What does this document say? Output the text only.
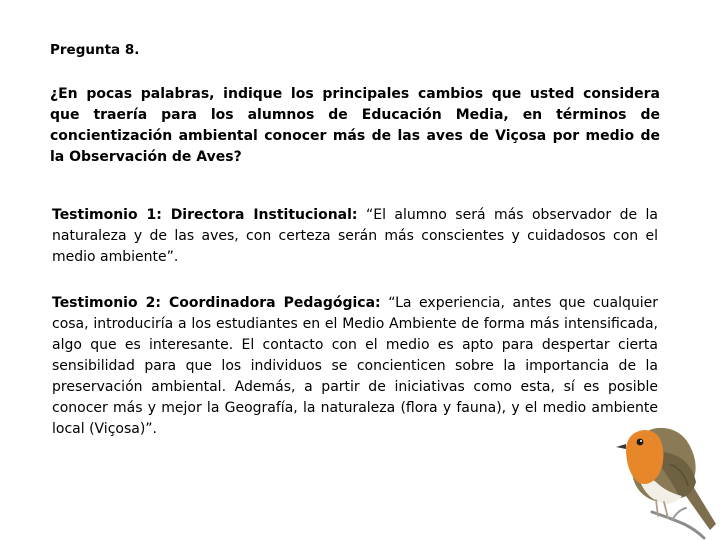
Pregunta 8.
¿En pocas palabras, indique los principales cambios que usted considera que traería para los alumnos de Educación Media, en términos de concientización ambiental conocer más de las aves de Viçosa por medio de la Observación de Aves?
Testimonio 1: Directora Institucional: “El alumno será más observador de la naturaleza y de las aves, con certeza serán más conscientes y cuidadosos con el medio ambiente”.
Testimonio 2: Coordinadora Pedagógica: “La experiencia, antes que cualquier cosa, introduciría a los estudiantes en el Medio Ambiente de forma más intensificada, algo que es interesante. El contacto con el medio es apto para despertar cierta sensibilidad para que los individuos se concienticen sobre la importancia de la preservación ambiental. Además, a partir de iniciativas como esta, sí es posible conocer más y mejor la Geografía, la naturaleza (flora y fauna), y el medio ambiente local (Viçosa)”.
